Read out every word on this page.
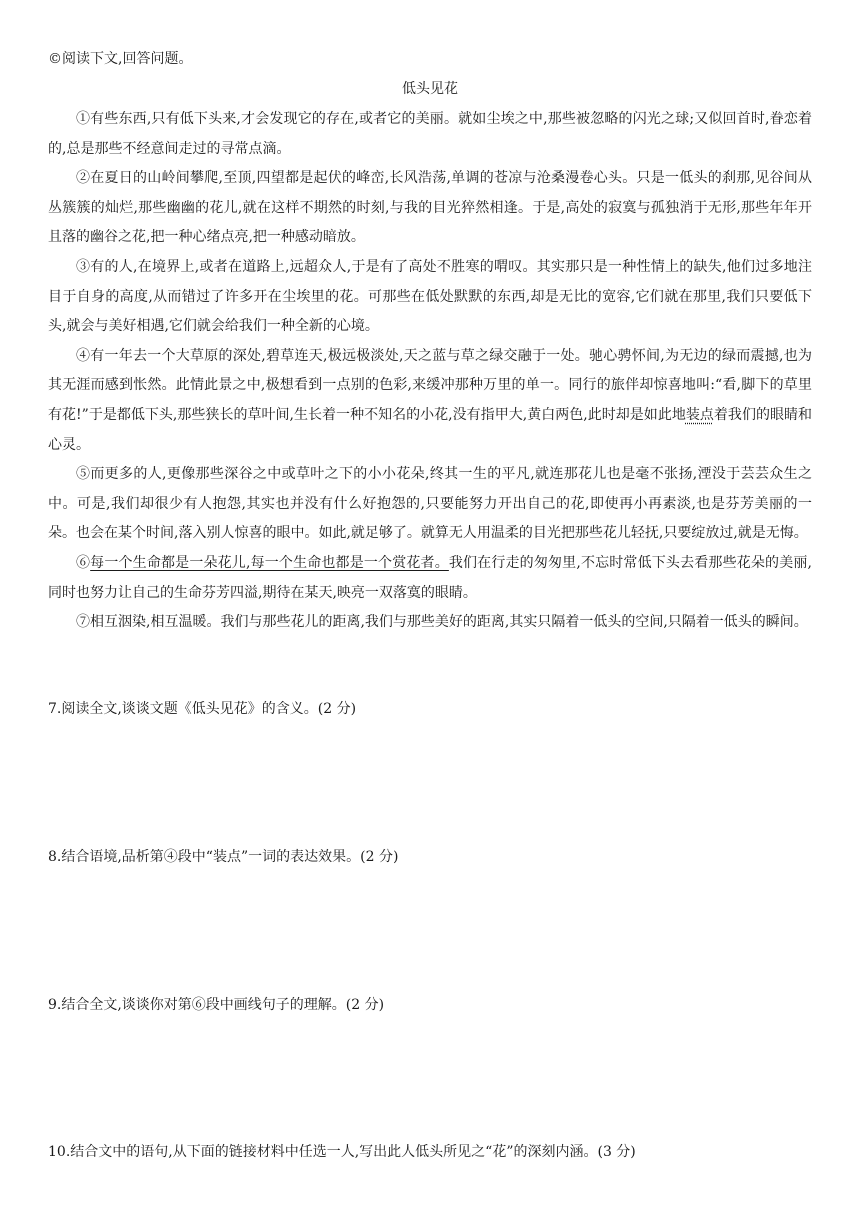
©阅读下文,回答问题。
低头见花

①有些东西,只有低下头来,才会发现它的存在,或者它的美丽。就如尘埃之中,那些被忽略的闪光之球;又似回首时,眷恋着的,总是那些不经意间走过的寻常点滴。

②在夏日的山岭间攀爬,至顶,四望都是起伏的峰峦,长风浩荡,单调的苍凉与沧桑漫卷心头。只是一低头的刹那,见谷间从丛簇簇的灿烂,那些幽幽的花儿,就在这样不期然的时刻,与我的目光猝然相逢。于是,高处的寂寞与孤独消于无形,那些年年开且落的幽谷之花,把一种心绪点亮,把一种感动暗放。

③有的人,在境界上,或者在道路上,远超众人,于是有了高处不胜寒的喟叹。其实那只是一种性情上的缺失,他们过多地注目于自身的高度,从而错过了许多开在尘埃里的花。可那些在低处默默的东西,却是无比的宽容,它们就在那里,我们只要低下头,就会与美好相遇,它们就会给我们一种全新的心境。

④有一年去一个大草原的深处,碧草连天,极远极淡处,天之蓝与草之绿交融于一处。驰心骋怀间,为无边的绿而震撼,也为其无涯而感到怅然。此情此景之中,极想看到一点别的色彩,来缓冲那种万里的单一。同行的旅伴却惊喜地叫:“看,脚下的草里有花!”于是都低下头,那些狭长的草叶间,生长着一种不知名的小花,没有指甲大,黄白两色,此时却是如此地装点着我们的眼睛和心灵。

⑤而更多的人,更像那些深谷之中或草叶之下的小小花朵,终其一生的平凡,就连那花儿也是毫不张扬,湮没于芸芸众生之中。可是,我们却很少有人抱怨,其实也并没有什么好抱怨的,只要能努力开出自己的花,即使再小再素淡,也是芬芳美丽的一朵。也会在某个时间,落入别人惊喜的眼中。如此,就足够了。就算无人用温柔的目光把那些花儿轻抚,只要绽放过,就是无悔。

⑥每一个生命都是一朵花儿,每一个生命也都是一个赏花者。我们在行走的匆匆里,不忘时常低下头去看那些花朵的美丽,同时也努力让自己的生命芬芳四溢,期待在某天,映亮一双落寞的眼睛。

⑦相互洇染,相互温暖。我们与那些花儿的距离,我们与那些美好的距离,其实只隔着一低头的空间,只隔着一低头的瞬间。

7.阅读全文,谈谈文题《低头见花》的含义。(2 分)
8.结合语境,品析第④段中“装点”一词的表达效果。(2 分)
9.结合全文,谈谈你对第⑥段中画线句子的理解。(2 分)
10.结合文中的语句,从下面的链接材料中任选一人,写出此人低头所见之“花”的深刻内涵。(3 分)
